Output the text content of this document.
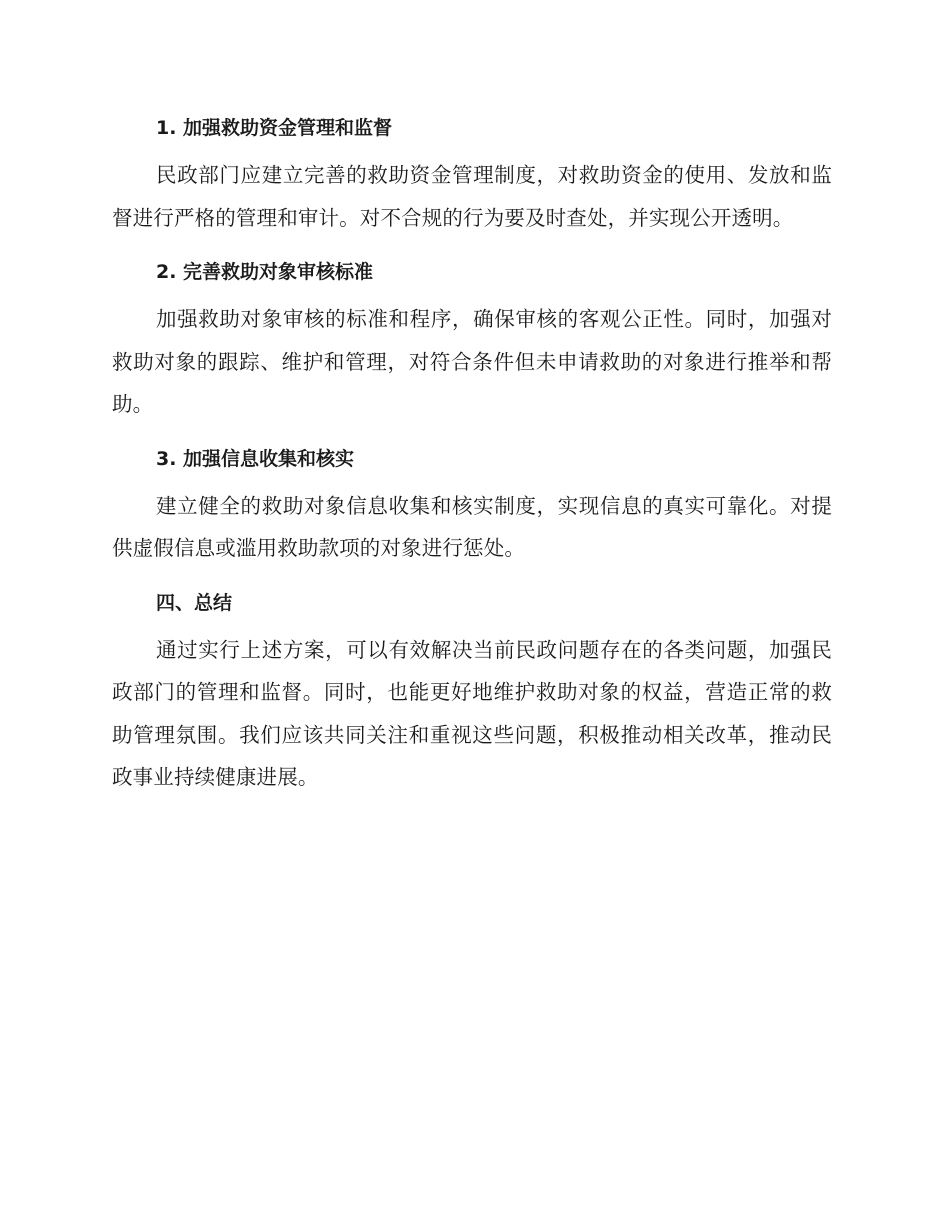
1. 加强救助资金管理和监督

民政部门应建立完善的救助资金管理制度，对救助资金的使用、发放和监督进行严格的管理和审计。对不合规的行为要及时查处，并实现公开透明。

2. 完善救助对象审核标准

加强救助对象审核的标准和程序，确保审核的客观公正性。同时，加强对救助对象的跟踪、维护和管理，对符合条件但未申请救助的对象进行推举和帮助。

3. 加强信息收集和核实

建立健全的救助对象信息收集和核实制度，实现信息的真实可靠化。对提供虚假信息或滥用救助款项的对象进行惩处。

四、总结

通过实行上述方案，可以有效解决当前民政问题存在的各类问题，加强民政部门的管理和监督。同时，也能更好地维护救助对象的权益，营造正常的救助管理氛围。我们应该共同关注和重视这些问题，积极推动相关改革，推动民政事业持续健康进展。
